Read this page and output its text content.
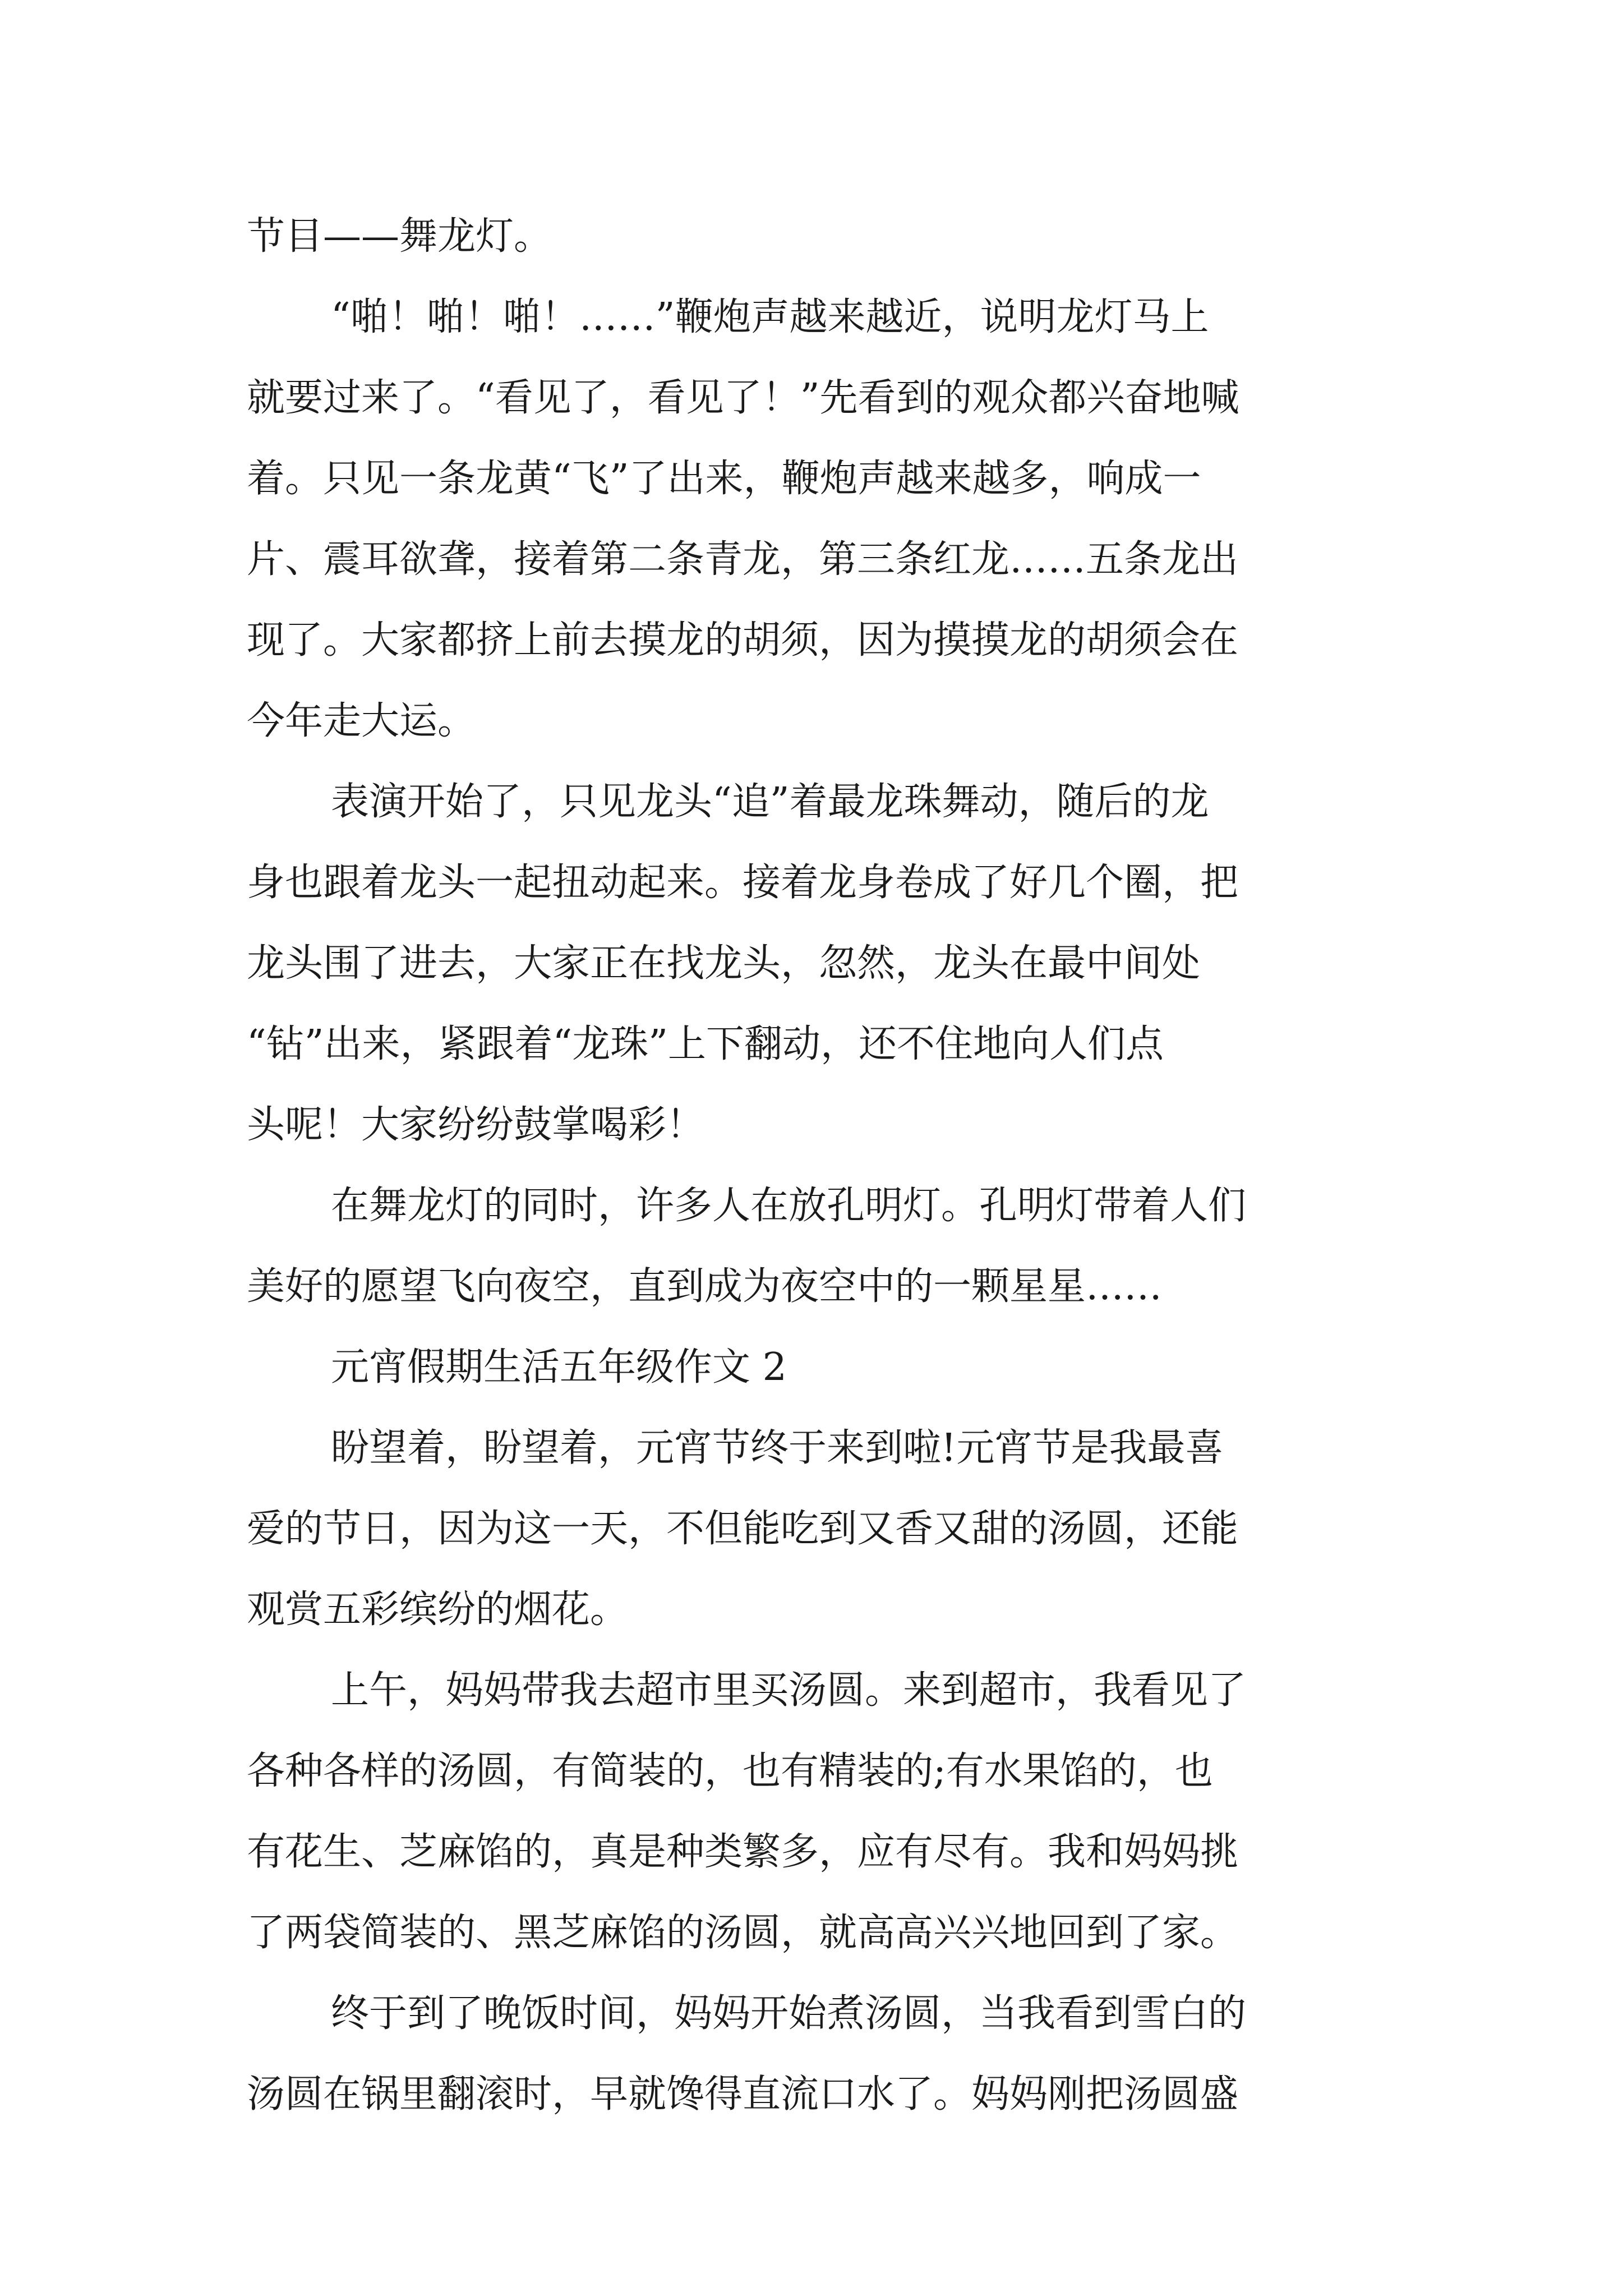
节目——舞龙灯。
“啪！啪！啪！……”鞭炮声越来越近，说明龙灯马上
就要过来了。“看见了，看见了！”先看到的观众都兴奋地喊
着。只见一条龙黄“飞”了出来，鞭炮声越来越多，响成一
片、震耳欲聋，接着第二条青龙，第三条红龙……五条龙出
现了。大家都挤上前去摸龙的胡须，因为摸摸龙的胡须会在
今年走大运。
表演开始了，只见龙头“追”着最龙珠舞动，随后的龙
身也跟着龙头一起扭动起来。接着龙身卷成了好几个圈，把
龙头围了进去，大家正在找龙头，忽然，龙头在最中间处
“钻”出来，紧跟着“龙珠”上下翻动，还不住地向人们点
头呢！大家纷纷鼓掌喝彩！
在舞龙灯的同时，许多人在放孔明灯。孔明灯带着人们
美好的愿望飞向夜空，直到成为夜空中的一颗星星……
元宵假期生活五年级作文 2
盼望着，盼望着，元宵节终于来到啦!元宵节是我最喜
爱的节日，因为这一天，不但能吃到又香又甜的汤圆，还能
观赏五彩缤纷的烟花。
上午，妈妈带我去超市里买汤圆。来到超市，我看见了
各种各样的汤圆，有简装的，也有精装的;有水果馅的，也
有花生、芝麻馅的，真是种类繁多，应有尽有。我和妈妈挑
了两袋简装的、黑芝麻馅的汤圆，就高高兴兴地回到了家。
终于到了晚饭时间，妈妈开始煮汤圆，当我看到雪白的
汤圆在锅里翻滚时，早就馋得直流口水了。妈妈刚把汤圆盛
